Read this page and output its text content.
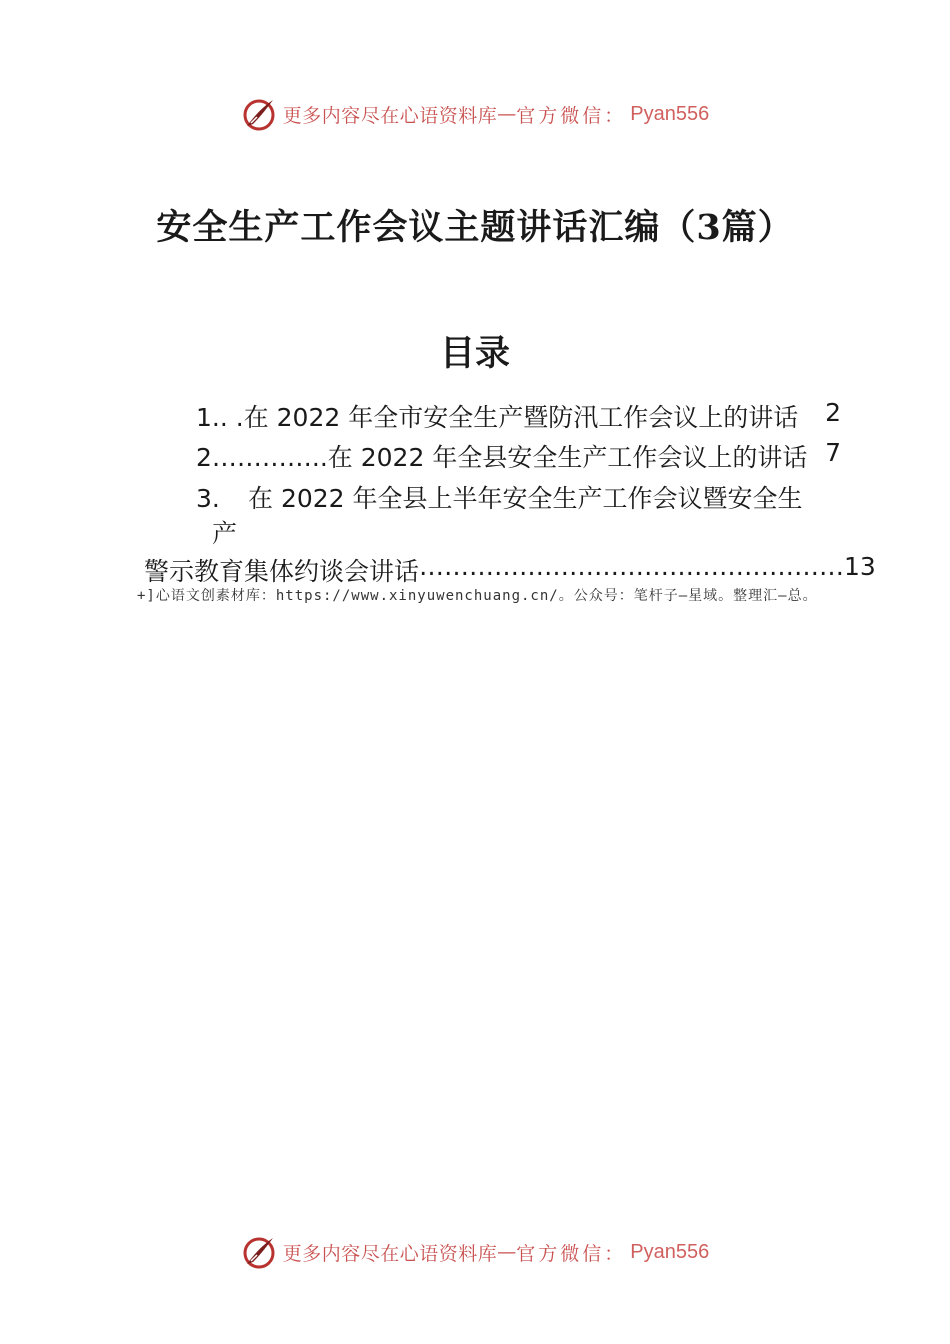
更多内容尽在心语资料库 — 官方微信： Pyan556
安全生产工作会议主题讲话汇编（3篇）
目录
1.. .在 2022 年全市安全生产暨防汛工作会议上的讲话	2
2…………..在 2022 年全县安全生产工作会议上的讲话 7
3. 在 2022 年全县上半年安全生产工作会议暨安全生
产
警示教育集体约谈会讲话 …………………………………………… 13
+]心语文创素材库：https://www.xinyuwenchuang.cn/。公众号：笔杆子—星域。整理汇—总。
更多内容尽在心语资料库 — 官方微信： Pyan556
